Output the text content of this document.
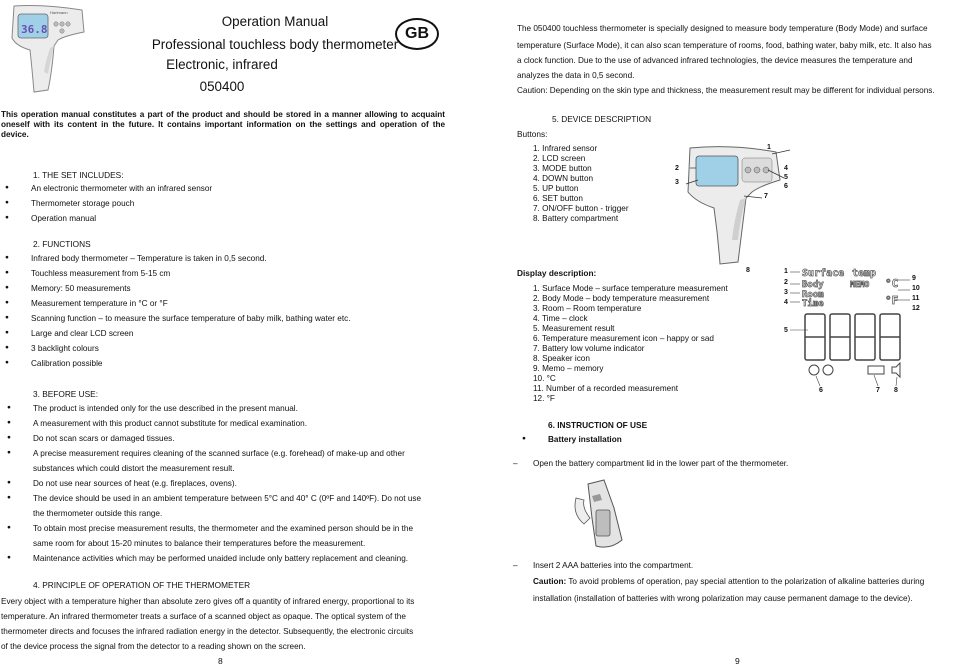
36.8
Hartmann
Operation Manual
Professional touchless body thermometer
Electronic, infrared
050400
GB
This operation manual constitutes a part of the product and should be stored in a manner allowing to acquaint oneself with its content in the future. It contains important information on the settings and operation of the device.
1. THE SET INCLUDES:
● An electronic thermometer with an infrared sensor
● Thermometer storage pouch
● Operation manual
2. FUNCTIONS
● Infrared body thermometer – Temperature is taken in 0,5 second.
● Touchless measurement from 5-15 cm
● Memory: 50 measurements
● Measurement temperature in °C or °F
● Scanning function – to measure the surface temperature of baby milk, bathing water etc.
● Large and clear LCD screen
● 3 backlight colours
● Calibration possible
3. BEFORE USE:
● The product is intended only for the use described in the present manual.
● A measurement with this product cannot substitute for medical examination.
● Do not scan scars or damaged tissues.
● A precise measurement requires cleaning of the scanned surface (e.g. forehead) of make-up and other
substances which could distort the measurement result.
● Do not use near sources of heat (e.g. fireplaces, ovens).
● The device should be used in an ambient temperature between 5°C and 40° C (0ºF and 140ºF). Do not use
the thermometer outside this range.
● To obtain most precise measurement results, the thermometer and the examined person should be in the
same room for about 15-20 minutes to balance their temperatures before the measurement.
● Maintenance activities which may be performed unaided include only battery replacement and cleaning.
4. PRINCIPLE OF OPERATION OF THE THERMOMETER
Every object with a temperature higher than absolute zero gives off a quantity of infrared energy, proportional to its
temperature. An infrared thermometer treats a surface of a scanned object as opaque. The optical system of the
thermometer directs and focuses the infrared radiation energy in the detector. Subsequently, the electronic circuits
of the device process the signal from the detector to a reading shown on the screen.
8
The 050400 touchless thermometer is specially designed to measure body temperature (Body Mode) and surface
temperature (Surface Mode), it can also scan temperature of rooms, food, bathing water, baby milk, etc. It also has
a clock function. Due to the use of advanced infrared technologies, the device measures the temperature and
analyzes the data in 0,5 second.
Caution: Depending on the skin type and thickness, the measurement result may be different for individual persons.
5. DEVICE DESCRIPTION
Buttons:
1. Infrared sensor
2. LCD screen
3. MODE button
4. DOWN button
5. UP button
6. SET button
7. ON/OFF button - trigger
8. Battery compartment
1
2
3
4
5
6
7
Display description:
1. Surface Mode – surface temperature measurement
2. Body Mode – body temperature measurement
3. Room – Room temperature
4. Time – clock
5. Measurement result
6. Temperature measurement icon – happy or sad
7. Battery low volume indicator
8. Speaker icon
9. Memo – memory
10. °C
11. Number of a recorded measurement
12. °F
Surface temp
Body	MEMO °C
Room
Time	°F
8	1
2
3
4
5
9
10
11
12
6	7 8
6. INSTRUCTION OF USE
● Battery installation
– Open the battery compartment lid in the lower part of the thermometer.
– Insert 2 AAA batteries into the compartment.
Caution: To avoid problems of operation, pay special attention to the polarization of alkaline batteries during
installation (installation of batteries with wrong polarization may cause permanent damage to the device).
9
